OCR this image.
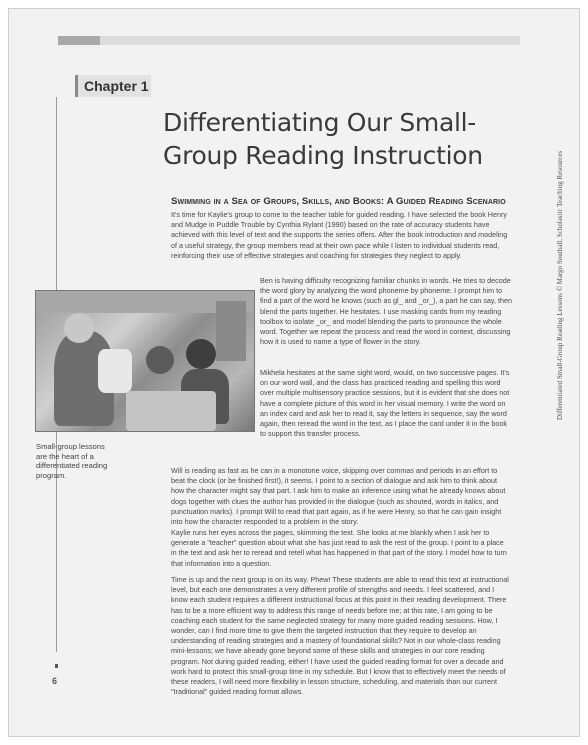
Chapter 1
Differentiating Our Small-Group Reading Instruction
Swimming in a Sea of Groups, Skills, and Books: A Guided Reading Scenario

It's time for Kaylie's group to come to the teacher table for guided reading. I have selected the book Henry and Mudge in Puddle Trouble by Cynthia Rylant (1990) based on the rate of accuracy students have achieved with this level of text and the supports the series offers. After the book introduction and modeling of a useful strategy, the group members read at their own pace while I listen to individual students read, reinforcing their use of effective strategies and coaching for strategies they neglect to apply.

Small-group lessons are the heart of a differentiated reading program.

Ben is having difficulty recognizing familiar chunks in words. He tries to decode the word glory by analyzing the word phoneme by phoneme. I prompt him to find a part of the word he knows (such as gl_ and _or_), a part he can say, then blend the parts together. He hesitates. I use masking cards from my reading toolbox to isolate _or_ and model blending the parts to pronounce the whole word. Together we repeat the process and read the word in context, discussing how it is used to name a type of flower in the story.

Mikhela hesitates at the same sight word, would, on two successive pages. It's on our word wall, and the class has practiced reading and spelling this word over multiple multisensory practice sessions, but it is evident that she does not have a complete picture of this word in her visual memory. I write the word on an index card and ask her to read it, say the letters in sequence, say the word again, then reread the word in the text, as I place the card under it in the book to support this transfer process.

Will is reading as fast as he can in a monotone voice, skipping over commas and periods in an effort to beat the clock (or be finished first!), it seems. I point to a section of dialogue and ask him to think about how the character might say that part. I ask him to make an inference using what he already knows about dogs together with clues the author has provided in the dialogue (such as shouted, words in italics, and punctuation marks). I prompt Will to read that part again, as if he were Henry, so that he can gain insight into how the character responded to a problem in the story.

Kaylie runs her eyes across the pages, skimming the text. She looks at me blankly when I ask her to generate a "teacher" question about what she has just read to ask the rest of the group. I point to a place in the text and ask her to reread and retell what has happened in that part of the story. I model how to turn that information into a question.

Time is up and the next group is on its way. Phew! These students are able to read this text at instructional level, but each one demonstrates a very different profile of strengths and needs. I feel scattered, and I know each student requires a different instructional focus at this point in their reading development. There has to be a more efficient way to address this range of needs before me; at this rate, I am going to be coaching each student for the same neglected strategy for many more guided reading sessions. How, I wonder, can I find more time to give them the targeted instruction that they require to develop an understanding of reading strategies and a mastery of foundational skills? Not in our whole-class reading mini-lessons; we have already gone beyond some of these skills and strategies in our core reading program. Not during guided reading, either! I have used the guided reading format for over a decade and work hard to protect this small-group time in my schedule. But I know that to effectively meet the needs of these readers, I will need more flexibility in lesson structure, scheduling, and materials than our current "traditional" guided reading format allows.

Differentiated Small-Group Reading Lessons © Margo Southall, Scholastic Teaching Resources
6
